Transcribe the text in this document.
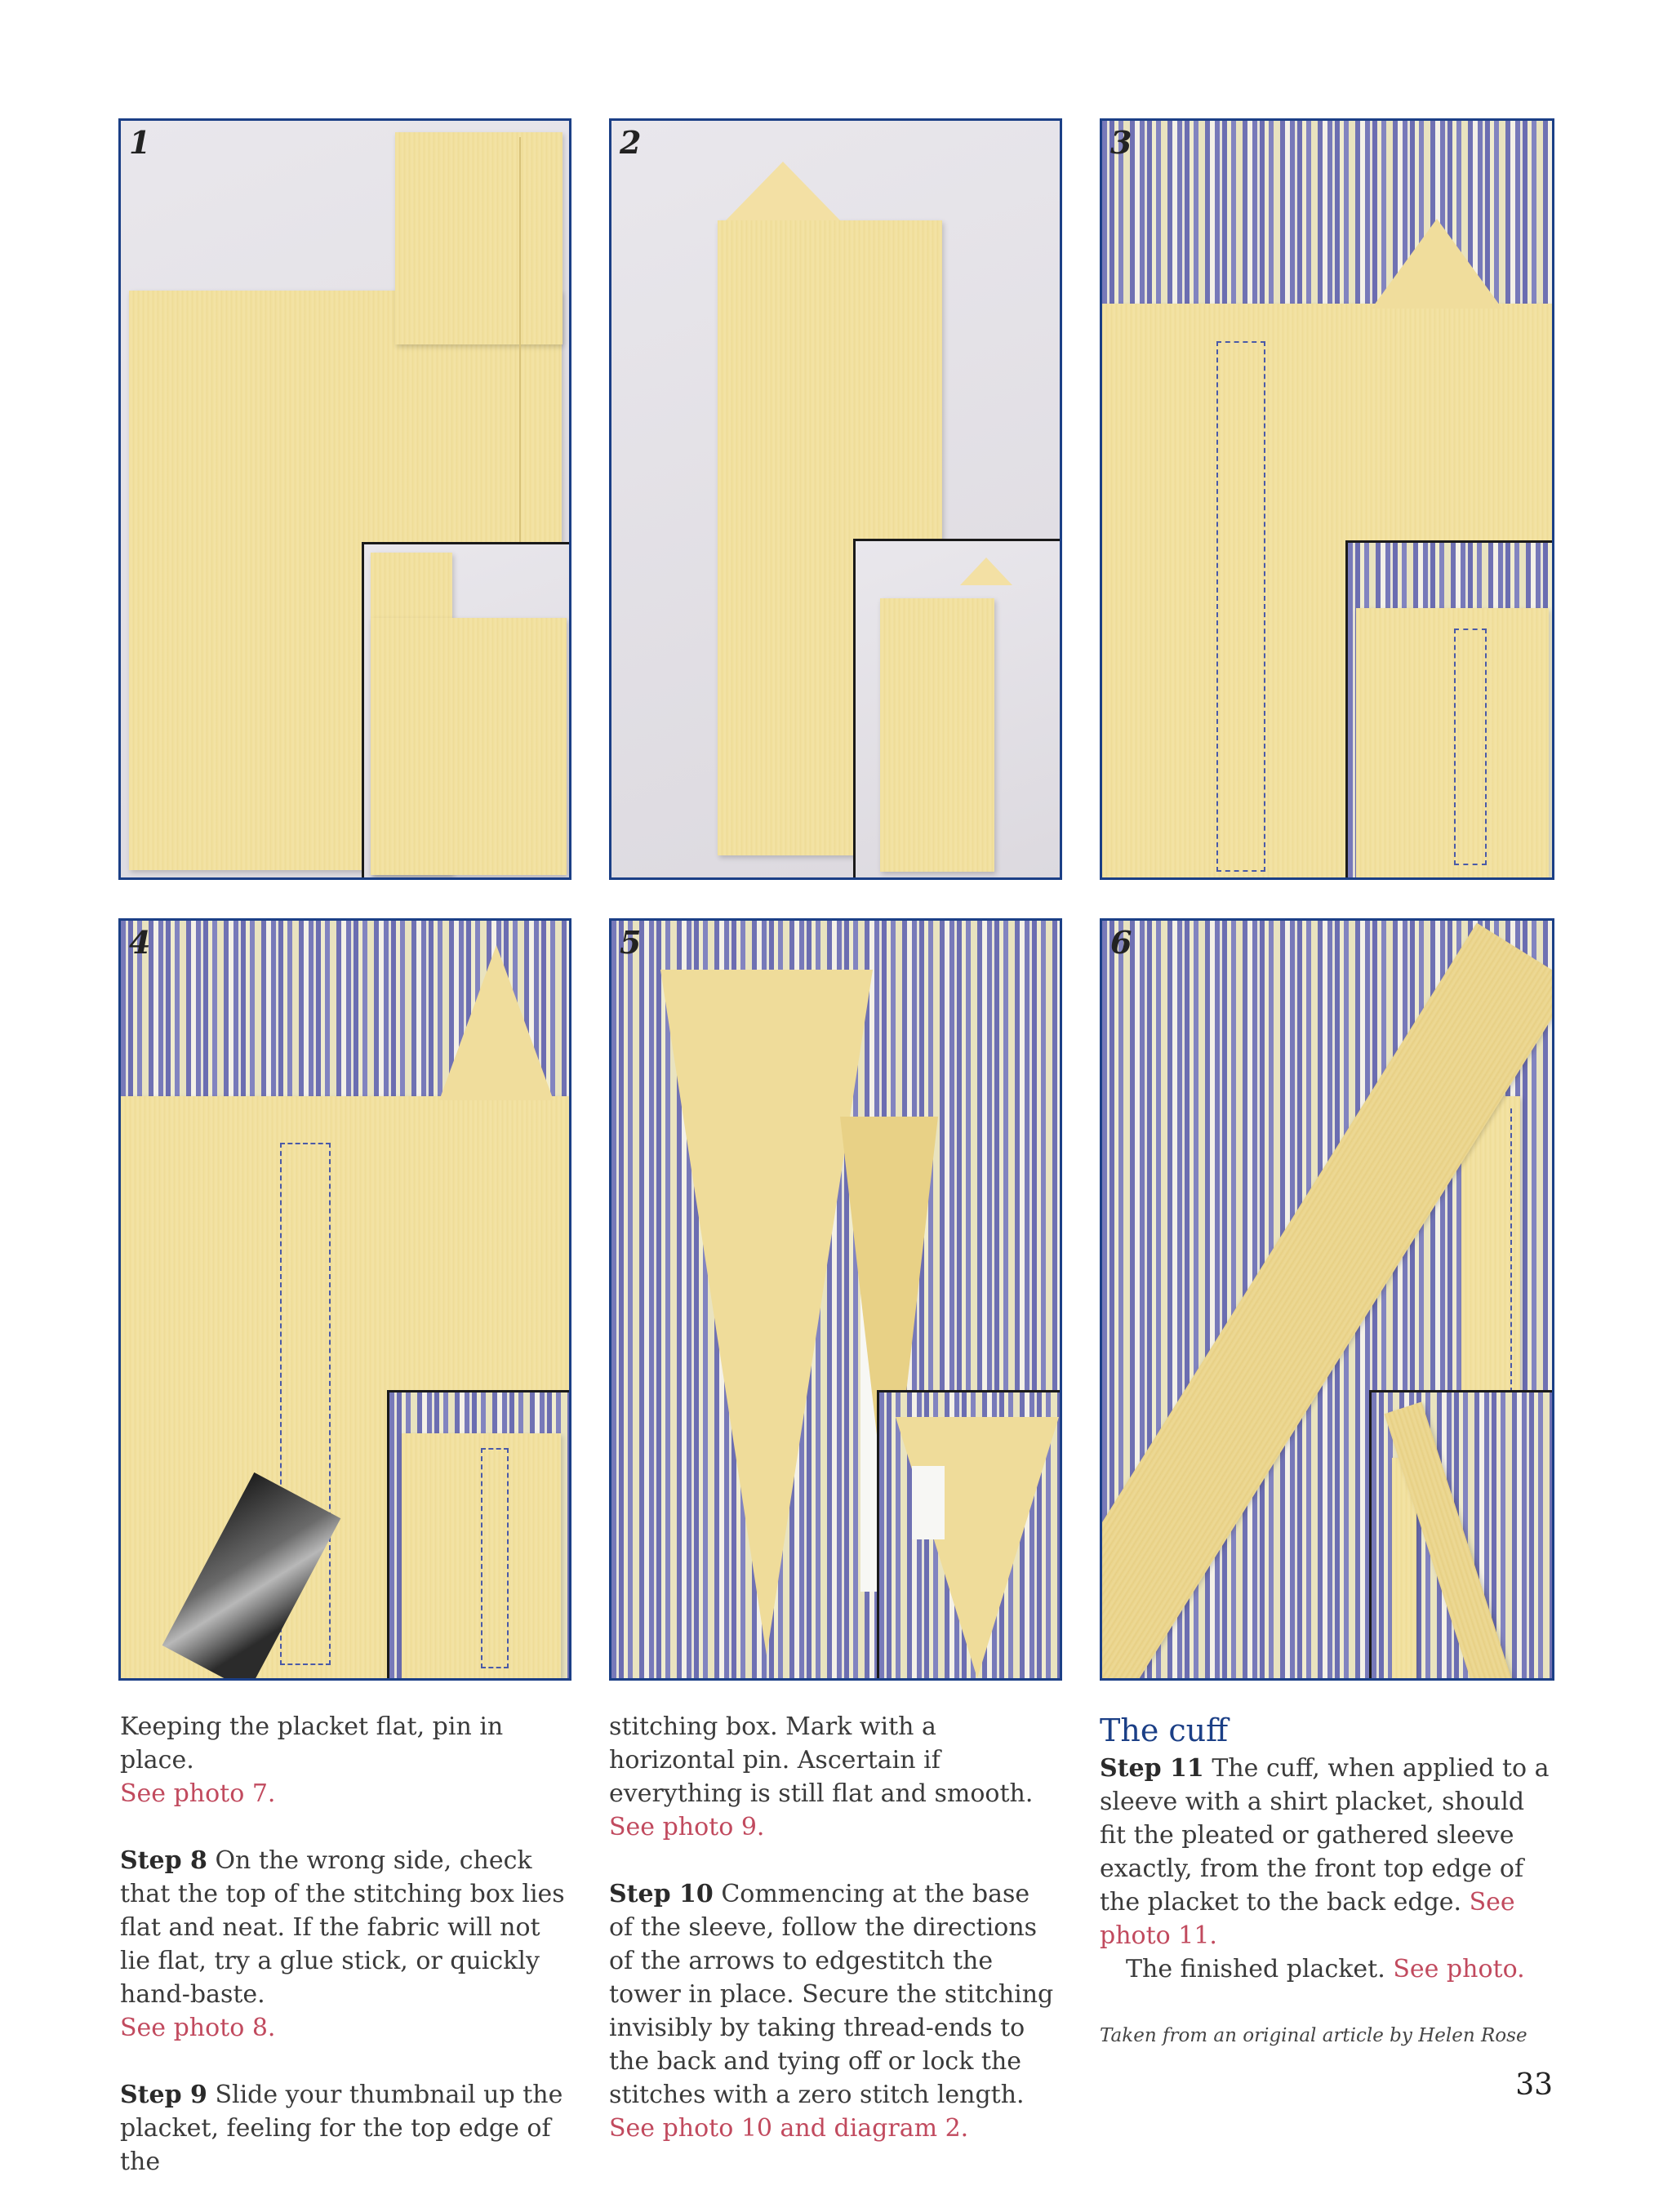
1	2	3
4	5	6

Keeping the placket flat, pin in place.
See photo 7.

Step 8 On the wrong side, check that the top of the stitching box lies flat and neat. If the fabric will not lie flat, try a glue stick, or quickly hand-baste.
See photo 8.

Step 9 Slide your thumbnail up the placket, feeling for the top edge of the

stitching box. Mark with a horizontal pin. Ascertain if everything is still flat and smooth. See photo 9.

Step 10 Commencing at the base of the sleeve, follow the directions of the arrows to edgestitch the tower in place. Secure the stitching invisibly by taking thread-ends to the back and tying off or lock the stitches with a zero stitch length. See photo 10 and diagram 2.

The cuff
Step 11 The cuff, when applied to a sleeve with a shirt placket, should fit the pleated or gathered sleeve exactly, from the front top edge of the placket to the back edge. See photo 11.
The finished placket. See photo.
Taken from an original article by Helen Rose
33
